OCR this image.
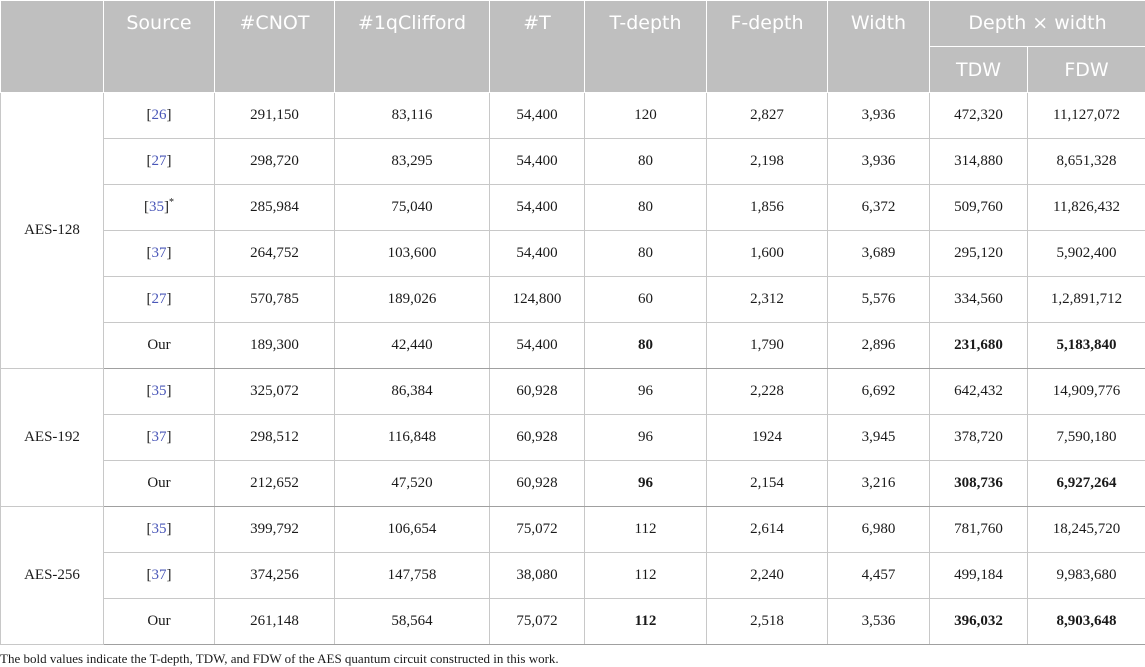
	Source	#CNOT	#1qClifford	#T	T-depth	F-depth	Width	Depth × width	

								TDW	FDW

AES-128	[26]	291,150	83,116	54,400	120	2,827	3,936	472,320	11,127,072
	[27]	298,720	83,295	54,400	80	2,198	3,936	314,880	8,651,328
	[35]*	285,984	75,040	54,400	80	1,856	6,372	509,760	11,826,432
	[37]	264,752	103,600	54,400	80	1,600	3,689	295,120	5,902,400
	[27]	570,785	189,026	124,800	60	2,312	5,576	334,560	1,2,891,712
	Our	189,300	42,440	54,400	80	1,790	2,896	231,680	5,183,840
AES-192	[35]	325,072	86,384	60,928	96	2,228	6,692	642,432	14,909,776
	[37]	298,512	116,848	60,928	96	1924	3,945	378,720	7,590,180
	Our	212,652	47,520	60,928	96	2,154	3,216	308,736	6,927,264
AES-256	[35]	399,792	106,654	75,072	112	2,614	6,980	781,760	18,245,720
	[37]	374,256	147,758	38,080	112	2,240	4,457	499,184	9,983,680
	Our	261,148	58,564	75,072	112	2,518	3,536	396,032	8,903,648
The bold values indicate the T-depth, TDW, and FDW of the AES quantum circuit constructed in this work.
